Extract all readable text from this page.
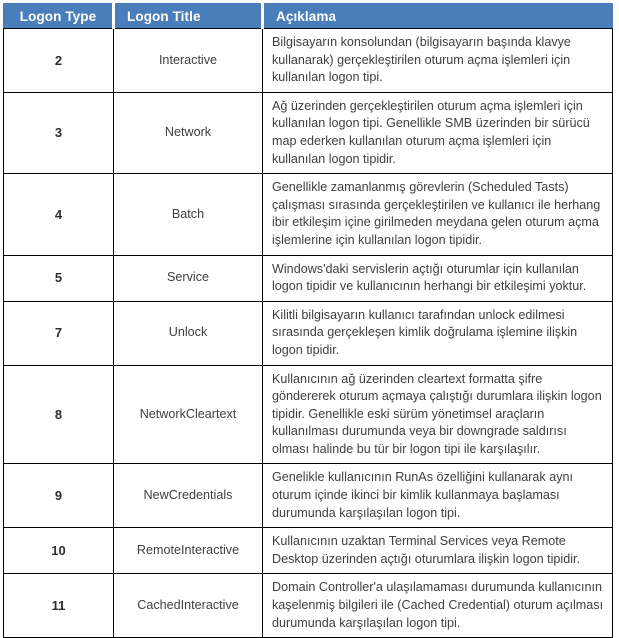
Logon Type	Logon Title	Açıklama
2	Interactive	Bilgisayarın konsolundan (bilgisayarın başında klavye kullanarak) gerçekleştirilen oturum açma işlemleri için kullanılan logon tipi.
3	Network	Ağ üzerinden gerçekleştirilen oturum açma işlemleri için kullanılan logon tipi. Genellikle SMB üzerinden bir sürücü map ederken kullanılan oturum açma işlemleri için kullanılan logon tipidir.
4	Batch	Genellikle zamanlanmış görevlerin (Scheduled Tasts) çalışması sırasında gerçekleştirilen ve kullanıcı ile herhang ibir etkileşim içine girilmeden meydana gelen oturum açma işlemlerine için kullanılan logon tipidir.
5	Service	Windows'daki servislerin açtığı oturumlar için kullanılan logon tipidir ve kullanıcının herhangi bir etkileşimi yoktur.
7	Unlock	Kilitli bilgisayarın kullanıcı tarafından unlock edilmesi sırasında gerçekleşen kimlik doğrulama işlemine ilişkin logon tipidir.
8	NetworkCleartext	Kullanıcının ağ üzerinden cleartext formatta şifre göndererek oturum açmaya çalıştığı durumlara ilişkin logon tipidir. Genellikle eski sürüm yönetimsel araçların kullanılması durumunda veya bir downgrade saldırısı olması halinde bu tür bir logon tipi ile karşılaşılır.
9	NewCredentials	Genelikle kullanıcının RunAs özelliğini kullanarak aynı oturum içinde ikinci bir kimlik kullanmaya başlaması durumunda karşılaşılan logon tipi.
10	RemoteInteractive	Kullanıcının uzaktan Terminal Services veya Remote Desktop üzerinden açtığı oturumlara ilişkin logon tipidir.
11	CachedInteractive	Domain Controller'a ulaşılamaması durumunda kullanıcının kaşelenmiş bilgileri ile (Cached Credential) oturum açılması durumunda karşılaşılan logon tipi.
